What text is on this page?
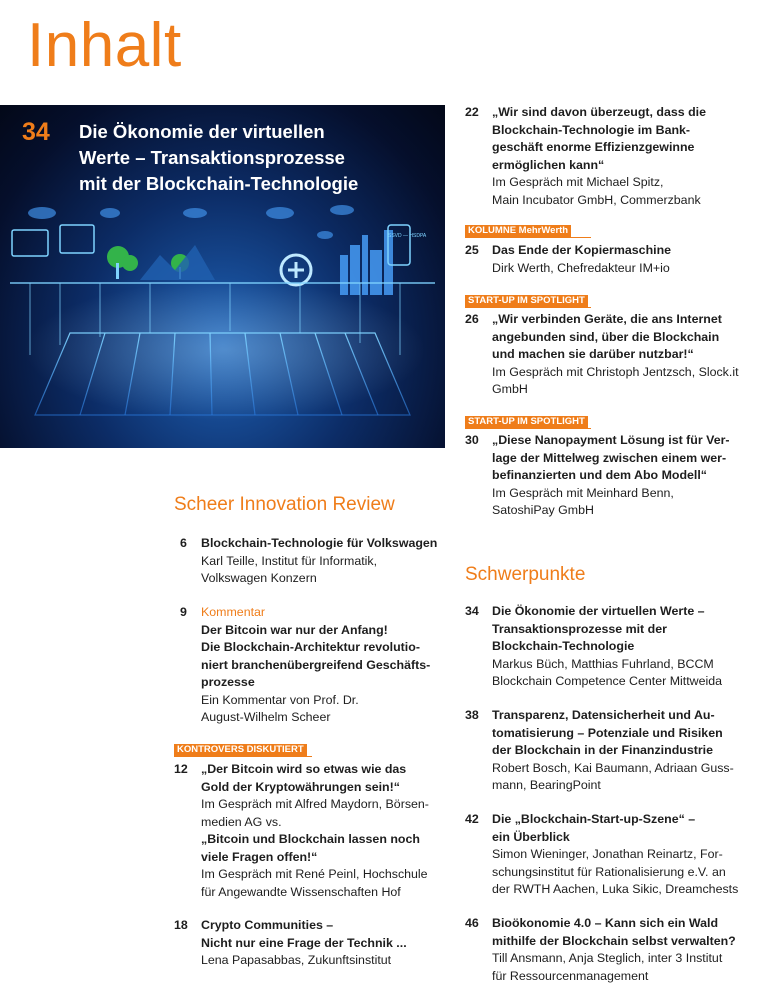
Inhalt
34 Die Ökonomie der virtuellen
Werte – Transaktionsprozesse
mit der Blockchain-Technologie
SSVD — HSDPA
22 „Wir sind davon überzeugt, dass die
Blockchain-Technologie im Bank-
geschäft enorme Effizienzgewinne
ermöglichen kann“
Im Gespräch mit Michael Spitz,
Main Incubator GmbH, Commerzbank
KOLUMNE MehrWerth
25 Das Ende der Kopiermaschine
Dirk Werth, Chefredakteur IM+io
START-UP IM SPOTLIGHT
26 „Wir verbinden Geräte, die ans Internet
angebunden sind, über die Blockchain
und machen sie darüber nutzbar!“
Im Gespräch mit Christoph Jentzsch, Slock.it
GmbH
START-UP IM SPOTLIGHT
30 „Diese Nanopayment Lösung ist für Ver-
lage der Mittelweg zwischen einem wer-
befinanzierten und dem Abo Modell“
Im Gespräch mit Meinhard Benn,
SatoshiPay GmbH
Scheer Innovation Review
6 Blockchain-Technologie für Volkswagen
Karl Teille, Institut für Informatik,
Volkswagen Konzern
9 Kommentar
Der Bitcoin war nur der Anfang!
Die Blockchain-Architektur revolutio-
niert branchenübergreifend Geschäfts-
prozesse
Ein Kommentar von Prof. Dr.
August-Wilhelm Scheer
KONTROVERS DISKUTIERT
12 „Der Bitcoin wird so etwas wie das
Gold der Kryptowährungen sein!“
Im Gespräch mit Alfred Maydorn, Börsen-
medien AG vs.
„Bitcoin und Blockchain lassen noch
viele Fragen offen!“
Im Gespräch mit René Peinl, Hochschule
für Angewandte Wissenschaften Hof
18 Crypto Communities –
Nicht nur eine Frage der Technik ...
Lena Papasabbas, Zukunftsinstitut
Schwerpunkte
34 Die Ökonomie der virtuellen Werte –
Transaktionsprozesse mit der
Blockchain-Technologie
Markus Büch, Matthias Fuhrland, BCCM
Blockchain Competence Center Mittweida
38 Transparenz, Datensicherheit und Au-
tomatisierung – Potenziale und Risiken
der Blockchain in der Finanzindustrie
Robert Bosch, Kai Baumann, Adriaan Guss-
mann, BearingPoint
42 Die „Blockchain-Start-up-Szene“ –
ein Überblick
Simon Wieninger, Jonathan Reinartz, For-
schungsinstitut für Rationalisierung e.V. an
der RWTH Aachen, Luka Sikic, Dreamchests
46 Bioökonomie 4.0 – Kann sich ein Wald
mithilfe der Blockchain selbst verwalten?
Till Ansmann, Anja Steglich, inter 3 Institut
für Ressourcenmanagement
